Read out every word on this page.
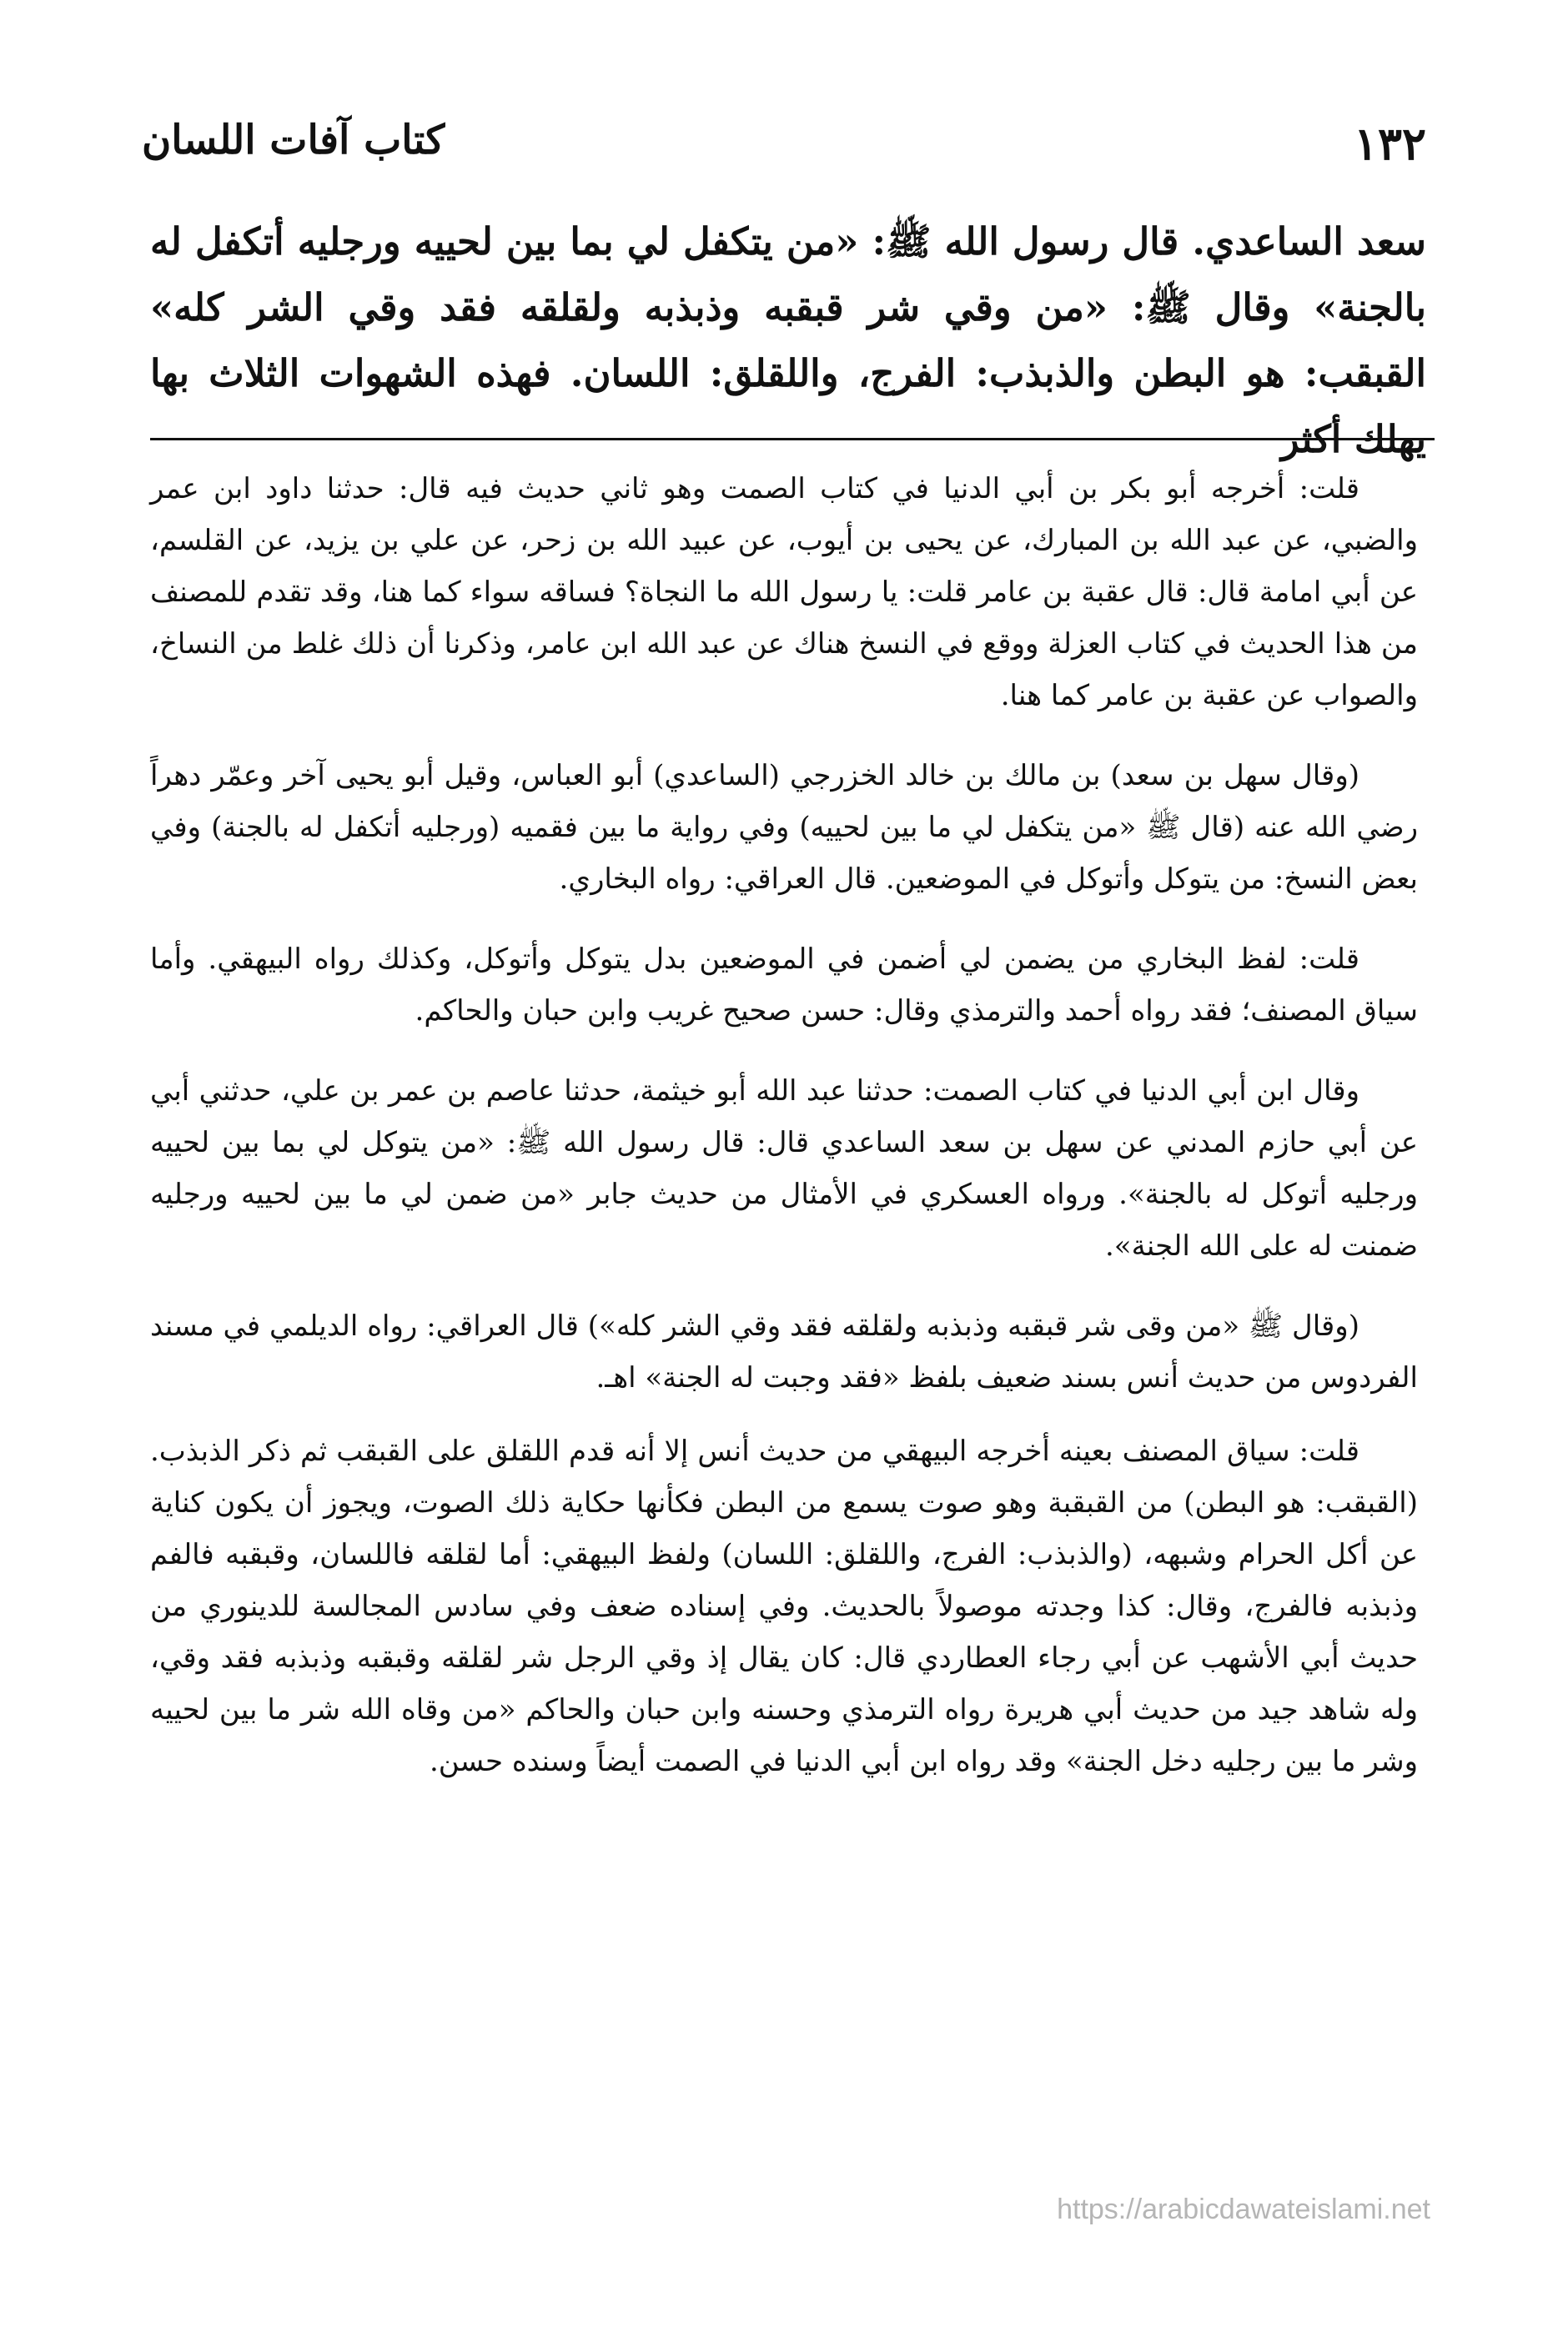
١٣٢
كتاب آفات اللسان
سعد الساعدي. قال رسول الله ﷺ: «من يتكفل لي بما بين لحييه ورجليه أتكفل له بالجنة» وقال ﷺ: «من وقي شر قبقبه وذبذبه ولقلقه فقد وقي الشر كله» القبقب: هو البطن والذبذب: الفرج، واللقلق: اللسان. فهذه الشهوات الثلاث بها يهلك أكثر

قلت: أخرجه أبو بكر بن أبي الدنيا في كتاب الصمت وهو ثاني حديث فيه قال: حدثنا داود ابن عمر والضبي، عن عبد الله بن المبارك، عن يحيى بن أيوب، عن عبيد الله بن زحر، عن علي بن يزيد، عن القلسم، عن أبي امامة قال: قال عقبة بن عامر قلت: يا رسول الله ما النجاة؟ فساقه سواء كما هنا، وقد تقدم للمصنف من هذا الحديث في كتاب العزلة ووقع في النسخ هناك عن عبد الله ابن عامر، وذكرنا أن ذلك غلط من النساخ، والصواب عن عقبة بن عامر كما هنا.

(وقال سهل بن سعد) بن مالك بن خالد الخزرجي (الساعدي) أبو العباس، وقيل أبو يحيى آخر وعمّر دهراً رضي الله عنه (قال ﷺ «من يتكفل لي ما بين لحييه) وفي رواية ما بين فقميه (ورجليه أتكفل له بالجنة) وفي بعض النسخ: من يتوكل وأتوكل في الموضعين. قال العراقي: رواه البخاري.

قلت: لفظ البخاري من يضمن لي أضمن في الموضعين بدل يتوكل وأتوكل، وكذلك رواه البيهقي. وأما سياق المصنف؛ فقد رواه أحمد والترمذي وقال: حسن صحيح غريب وابن حبان والحاكم.

وقال ابن أبي الدنيا في كتاب الصمت: حدثنا عبد الله أبو خيثمة، حدثنا عاصم بن عمر بن علي، حدثني أبي عن أبي حازم المدني عن سهل بن سعد الساعدي قال: قال رسول الله ﷺ: «من يتوكل لي بما بين لحييه ورجليه أتوكل له بالجنة». ورواه العسكري في الأمثال من حديث جابر «من ضمن لي ما بين لحييه ورجليه ضمنت له على الله الجنة».

(وقال ﷺ «من وقى شر قبقبه وذبذبه ولقلقه فقد وقي الشر كله») قال العراقي: رواه الديلمي في مسند الفردوس من حديث أنس بسند ضعيف بلفظ «فقد وجبت له الجنة» اهـ.

قلت: سياق المصنف بعينه أخرجه البيهقي من حديث أنس إلا أنه قدم اللقلق على القبقب ثم ذكر الذبذب. (القبقب: هو البطن) من القبقبة وهو صوت يسمع من البطن فكأنها حكاية ذلك الصوت، ويجوز أن يكون كناية عن أكل الحرام وشبهه، (والذبذب: الفرج، واللقلق: اللسان) ولفظ البيهقي: أما لقلقه فاللسان، وقبقبه فالفم وذبذبه فالفرج، وقال: كذا وجدته موصولاً بالحديث. وفي إسناده ضعف وفي سادس المجالسة للدينوري من حديث أبي الأشهب عن أبي رجاء العطاردي قال: كان يقال إذ وقي الرجل شر لقلقه وقبقبه وذبذبه فقد وقي، وله شاهد جيد من حديث أبي هريرة رواه الترمذي وحسنه وابن حبان والحاكم «من وقاه الله شر ما بين لحييه وشر ما بين رجليه دخل الجنة» وقد رواه ابن أبي الدنيا في الصمت أيضاً وسنده حسن.

https://arabicdawateislami.net
